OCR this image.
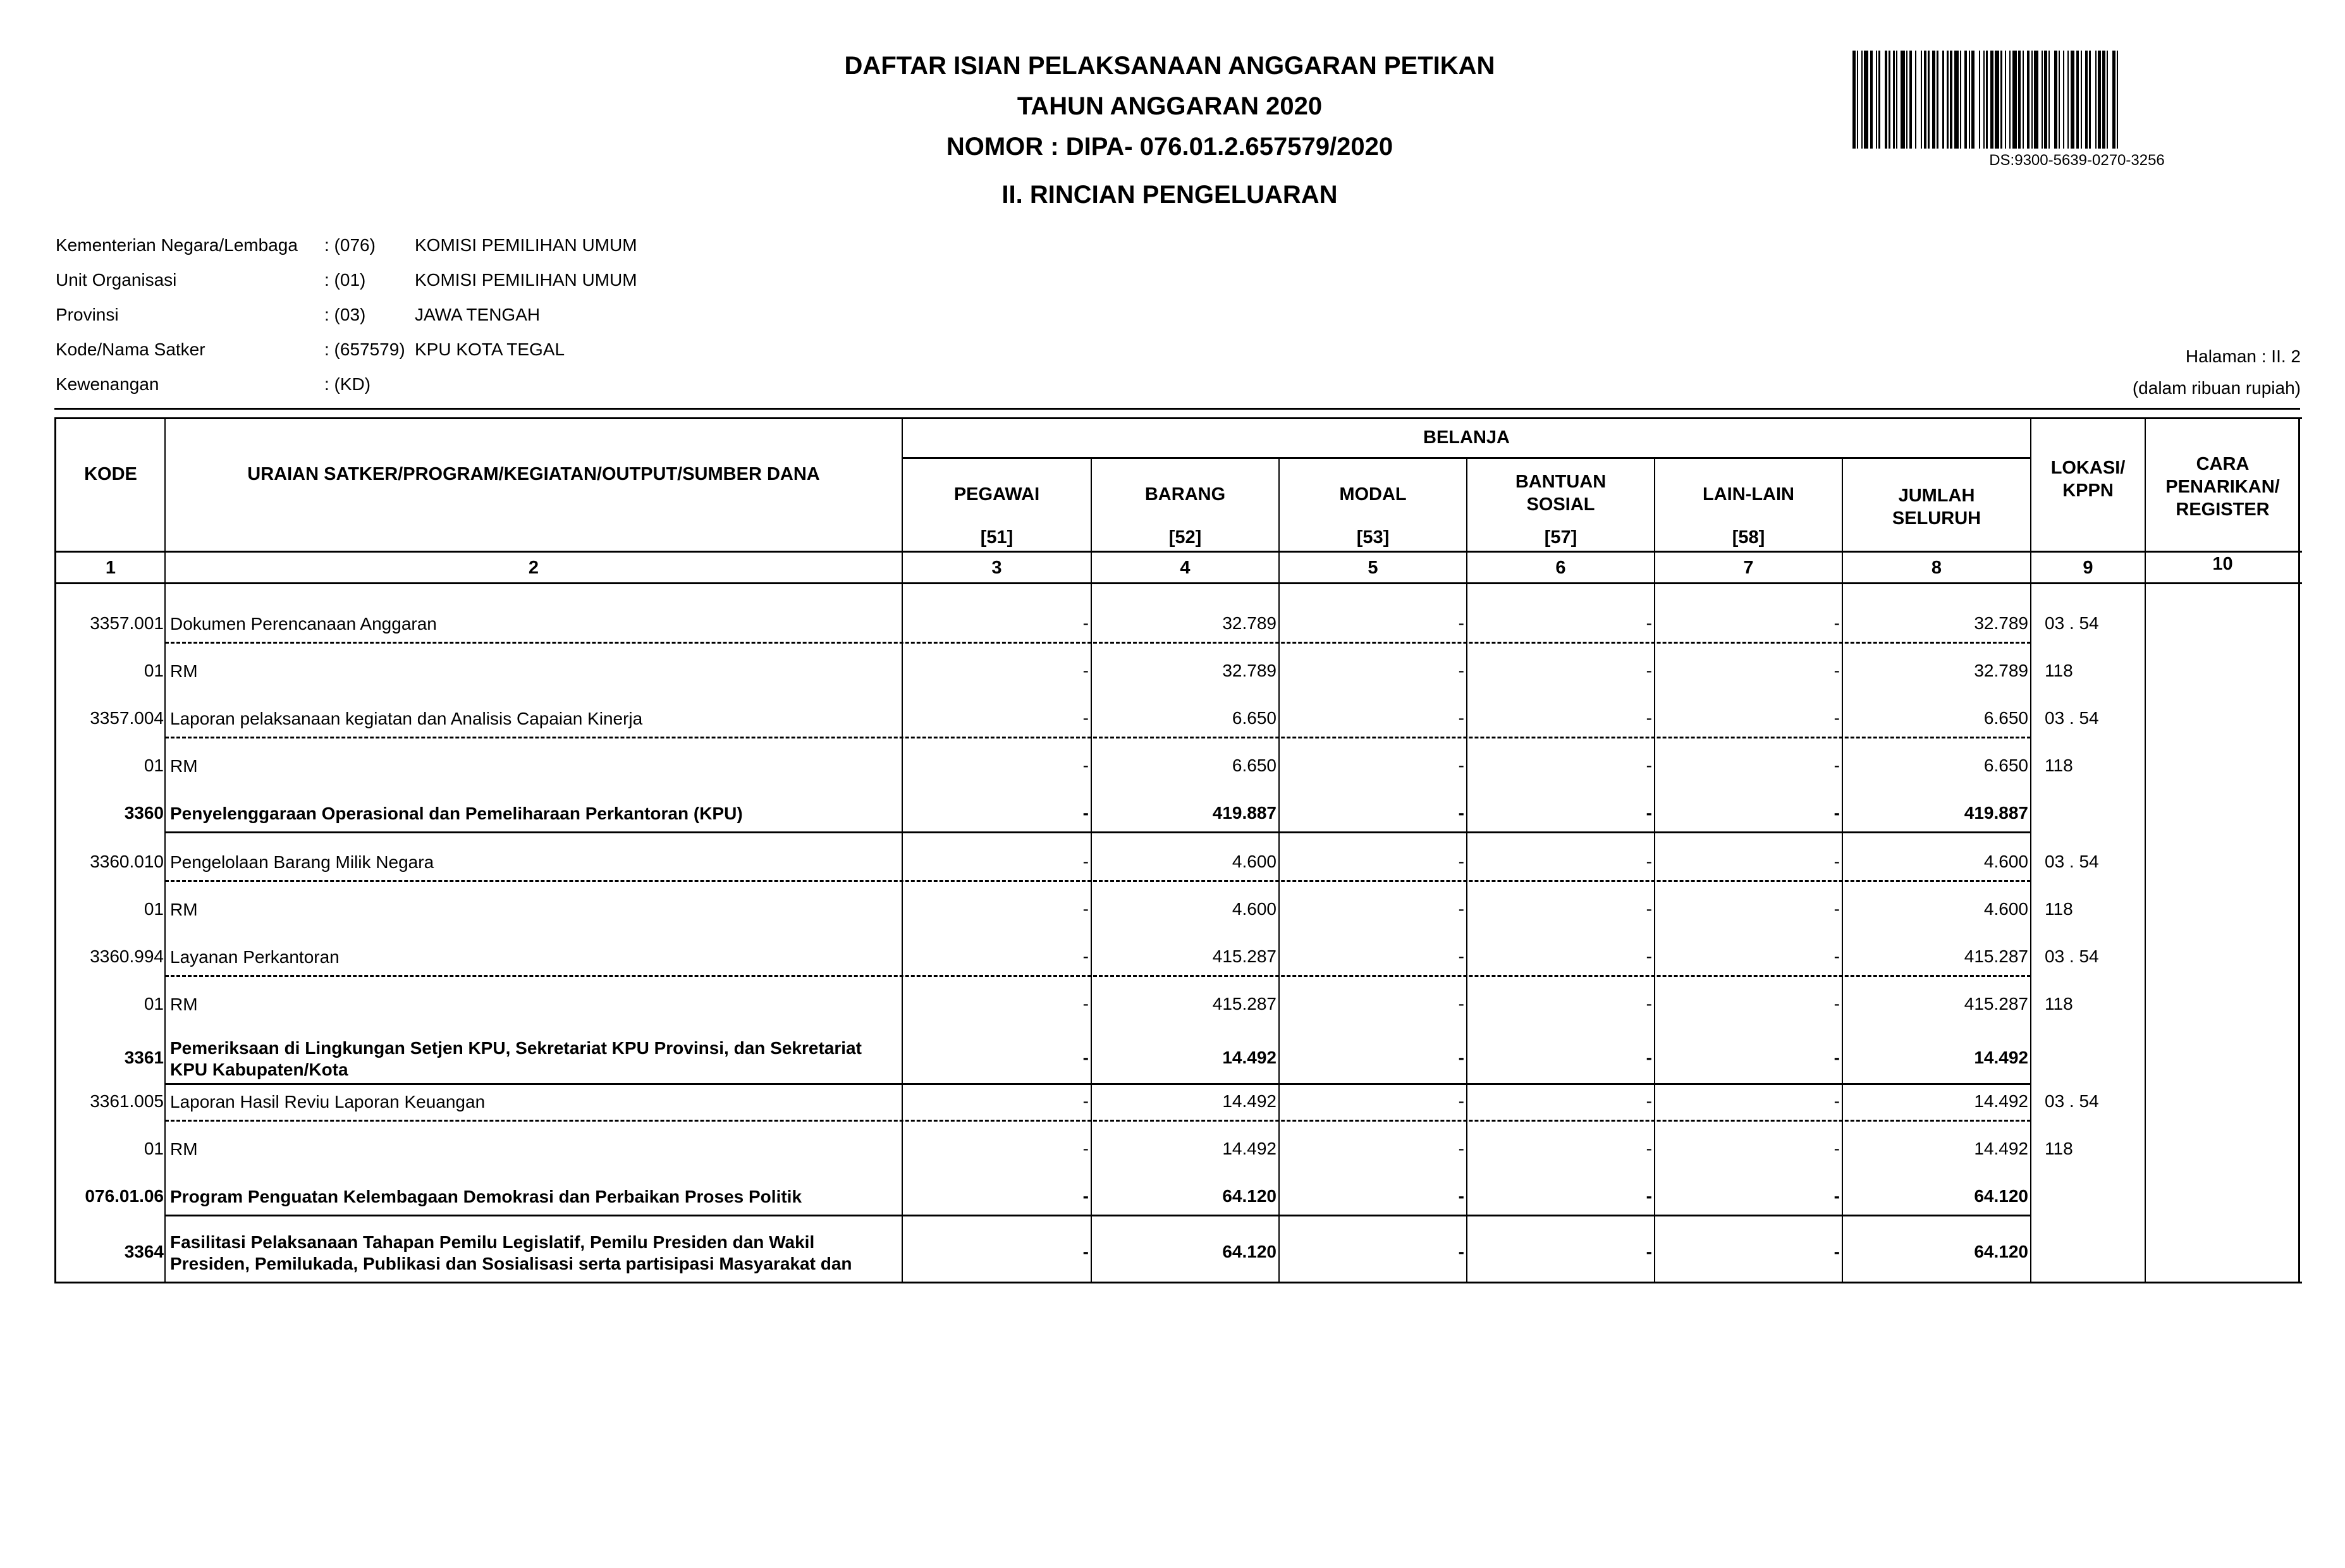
DAFTAR ISIAN PELAKSANAAN ANGGARAN PETIKAN
TAHUN ANGGARAN 2020
NOMOR : DIPA- 076.01.2.657579/2020
II. RINCIAN PENGELUARAN
DS:9300-5639-0270-3256
Kementerian Negara/Lembaga	: (076) KOMISI PEMILIHAN UMUM
Unit Organisasi	: (01)	KOMISI PEMILIHAN UMUM
Provinsi	: (03)	JAWA TENGAH
Kode/Nama Satker	: (657579) KPU KOTA TEGAL
Kewenangan	: (KD)
Halaman : II. 2
(dalam ribuan rupiah)
KODE	URAIAN SATKER/PROGRAM/KEGIATAN/OUTPUT/SUMBER DANA
BELANJA
PEGAWAI
[51]
BARANG
[52]
MODAL
[53]
BANTUAN
SOSIAL
[57]
LAIN-LAIN
[58]
JUMLAH
SELURUH
LOKASI/
KPPN
CARA
PENARIKAN/
REGISTER
1	2	3	4	5	6	7	8	9	10
3357.001 Dokumen Perencanaan Anggaran	-	32.789	-	-	-	32.789 03 . 54
01 RM	-	32.789	-	-	-	32.789 118
3357.004 Laporan pelaksanaan kegiatan dan Analisis Capaian Kinerja	-	6.650	-	-	-	6.650 03 . 54
01 RM	-	6.650	-	-	-	6.650 118
3360 Penyelenggaraan Operasional dan Pemeliharaan Perkantoran (KPU)	-	419.887	-	-	-	419.887
3360.010 Pengelolaan Barang Milik Negara	-	4.600	-	-	-	4.600 03 . 54
01 RM	-	4.600	-	-	-	4.600 118
3360.994 Layanan Perkantoran	-	415.287	-	-	-	415.287 03 . 54
01 RM	-	415.287	-	-	-	415.287 118
3361 Pemeriksaan di Lingkungan Setjen KPU, Sekretariat KPU Provinsi, dan Sekretariat KPU Kabupaten/Kota
-	14.492	-	-	-	14.492
3361.005 Laporan Hasil Reviu Laporan Keuangan	-	14.492	-	-	-	14.492 03 . 54
01 RM	-	14.492	-	-	-	14.492 118
076.01.06 Program Penguatan Kelembagaan Demokrasi dan Perbaikan Proses Politik	-	64.120	-	-	-	64.120
3364 Fasilitasi Pelaksanaan Tahapan Pemilu Legislatif, Pemilu Presiden dan Wakil Presiden, Pemilukada, Publikasi dan Sosialisasi serta partisipasi Masyarakat dan
-	64.120	-	-	-	64.120
